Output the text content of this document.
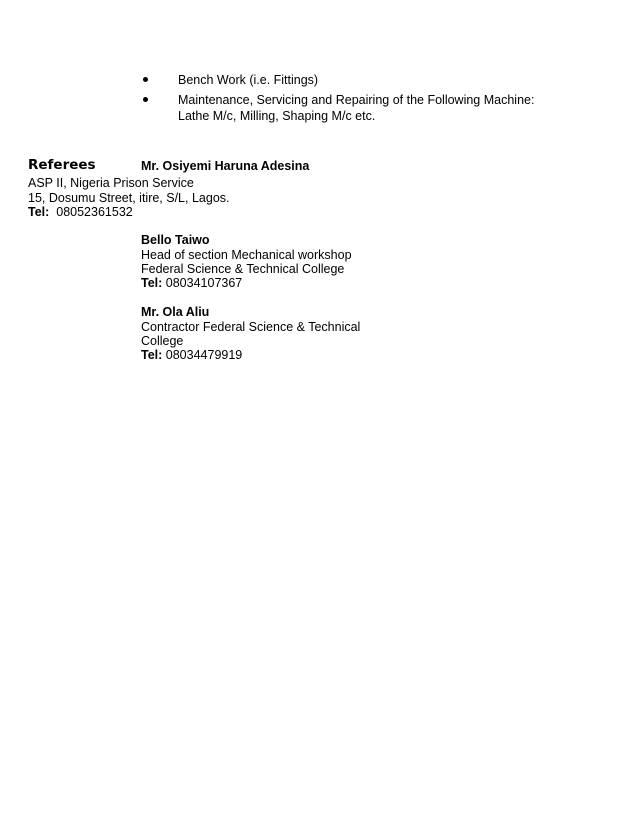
Bench Work (i.e. Fittings)
Maintenance, Servicing and Repairing of the Following Machine:
Lathe M/c, Milling, Shaping M/c etc.
Referees	Mr. Osiyemi Haruna Adesina
ASP II, Nigeria Prison Service
15, Dosumu Street, itire, S/L, Lagos.
Tel: 08052361532
Bello Taiwo
Head of section Mechanical workshop
Federal Science & Technical College
Tel: 08034107367
Mr. Ola Aliu
Contractor Federal Science & Technical
College
Tel: 08034479919
